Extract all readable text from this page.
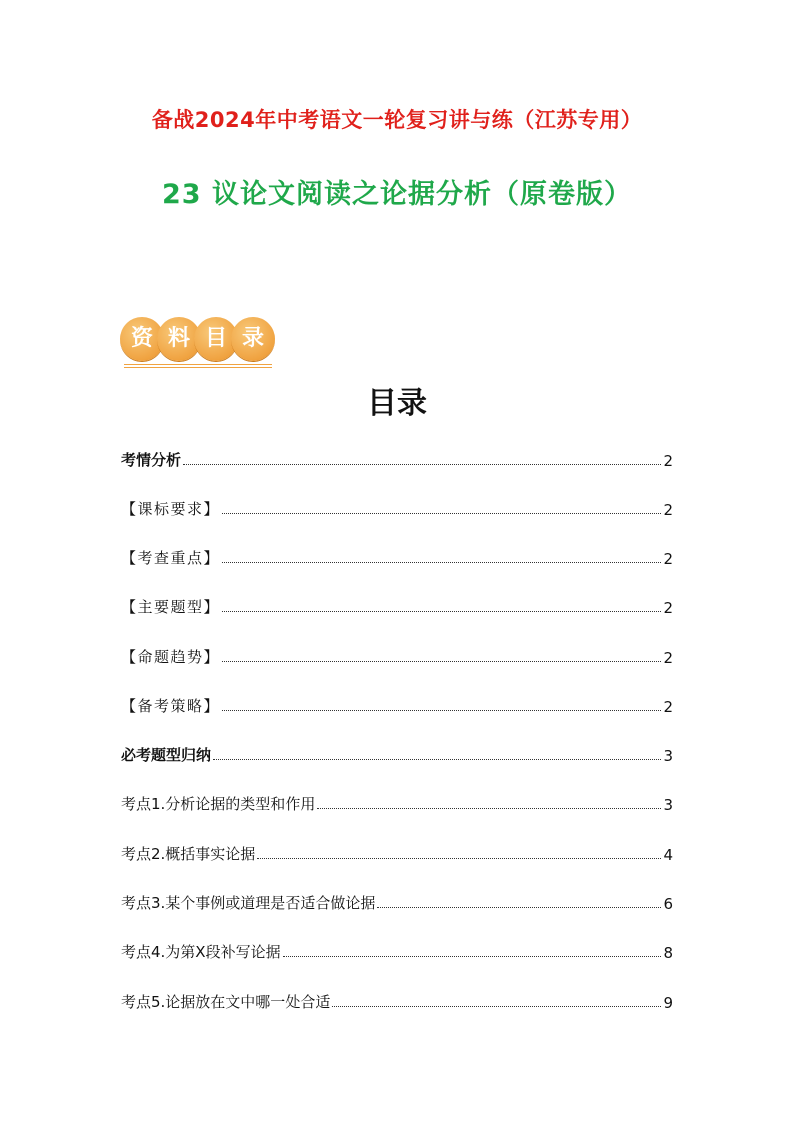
备战2024年中考语文一轮复习讲与练（江苏专用）
23 议论文阅读之论据分析（原卷版）
资 料 目 录
目录
考情分析	2
【课标要求】	2
【考查重点】	2
【主要题型】	2
【命题趋势】	2
【备考策略】	2
必考题型归纳	3
考点1.分析论据的类型和作用	3
考点2.概括事实论据	4
考点3.某个事例或道理是否适合做论据	6
考点4.为第X段补写论据	8
考点5.论据放在文中哪一处合适	9
